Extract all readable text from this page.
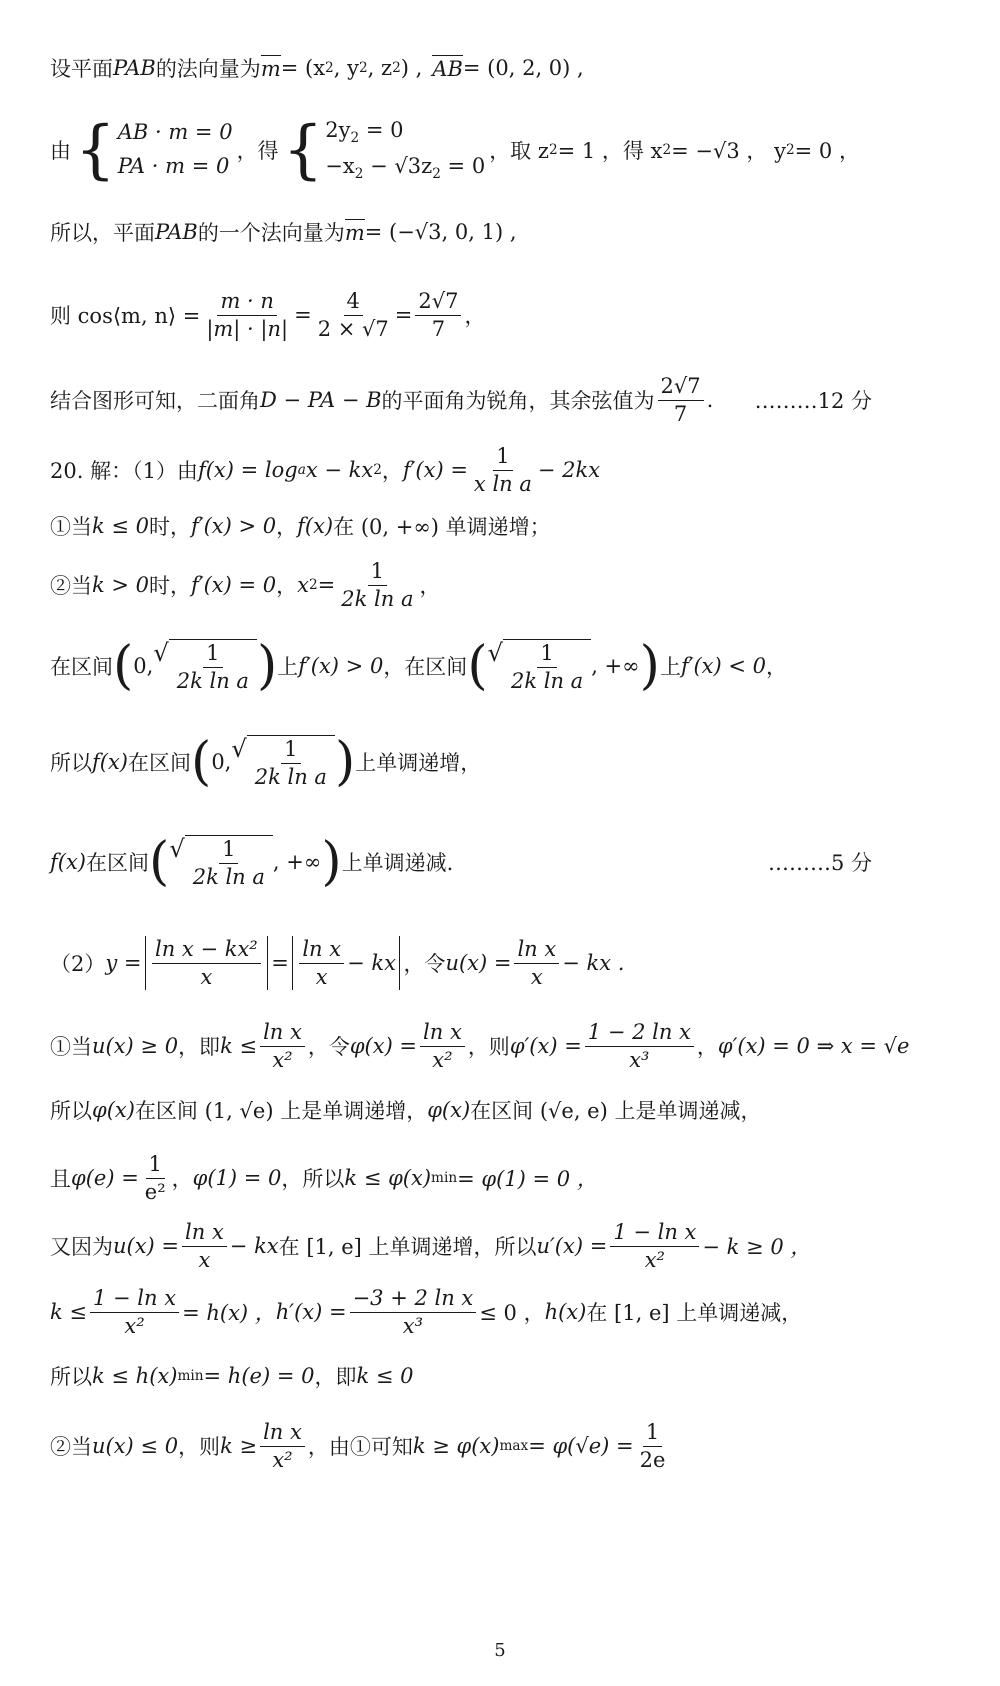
设平面 PAB 的法向量为 m = (x 2 , y 2 , z 2 ) , AB = (0, 2, 0) ,
由 { AB · m = 0
PA · m = 0
，得 { $2y_2 = 0$
$-x_2 - √3z_2 = 0$
，取 z 2 = 1 ，得 x 2 = −√3 ， y 2 = 0 ，
所以，平面 PAB 的一个法向量为 m = (−√3, 0, 1) ,
则 cos⟨m, n⟩ = $\frac{m \cdot n}{|m| \cdot |n|} = \frac{4}{2 \times √7} = \frac{2√7}{7}$ ，
结合图形可知，二面角 D − PA − B 的平面角为锐角，其余弦值为 $\frac{2√7}{7}$ . ………12 分
20. 解：（1）由 f(x) = log a x − kx 2 ， $f'(x) = \frac{1}{\text{x ln a}} - 2kx$
①当 k ≤ 0 时， f′(x) > 0 ， f(x) 在 (0, +∞) 单调递增；
②当 k > 0 时， f′(x) = 0 ， x $2 = \frac{1}{\text{2k ln a}}$ ，
在区间 ( 0, √ $\frac{1}{\text{2k ln a}}$ ) 上 f′(x) > 0 ，在区间 ( √ $\frac{1}{\text{2k ln a}}$ , +∞ ) 上 f′(x) < 0 ，
所以 f(x) 在区间 ( 0, √ $\frac{1}{\text{2k ln a}}$ ) 上单调递增，
f(x) 在区间 ( √ $\frac{1}{\text{2k ln a}}$ , +∞ ) 上单调递减.	………5 分
（2） $y = \frac{\text{ln x − kx²}}{x} = \frac{\text{ln x}}{x}$ − kx ，令 $u(x) = \frac{\text{ln x}}{x}$ − kx .
①当 u(x) ≥ 0 ，即 $k \le \frac{\text{ln x}}{\text{x²}}$ ，令 $\varphi(x) = \frac{\text{ln x}}{\text{x²}}$ ，则 $\varphi'(x) = \frac{\text{1 − 2 ln x}}{\text{x³}}$ ， φ′(x) = 0 ⇒ x = √e
所以 φ(x) 在区间 (1, √e) 上是单调递增， φ(x) 在区间 (√e, e) 上是单调递减，
且 $\varphi(e) = \frac{1}{\text{e²}}$ ， φ(1) = 0 ，所以 k ≤ φ(x) min = φ(1) = 0 ，
又因为 $u(x) = \frac{\text{ln x}}{x}$ − kx 在 [1, e] 上单调递增，所以 $u'(x) = \frac{\text{1 − ln x}}{\text{x²}} - k \ge 0$ ，
$k \le \frac{\text{1 − ln x}}{\text{x²}} = h(x)$ ， $h'(x) = \frac{\text{−3 + 2 ln x}}{\text{x³}} \le 0$ ， h(x) 在 [1, e] 上单调递减，
所以 k ≤ h(x) min = h(e) = 0 ，即 k ≤ 0
②当 u(x) ≤ 0 ，则 $k \ge \frac{\text{ln x}}{\text{x²}}$ ，由①可知 k ≥ φ(x) $\max = \varphi(√e) = \frac{1}{2e}$
5
